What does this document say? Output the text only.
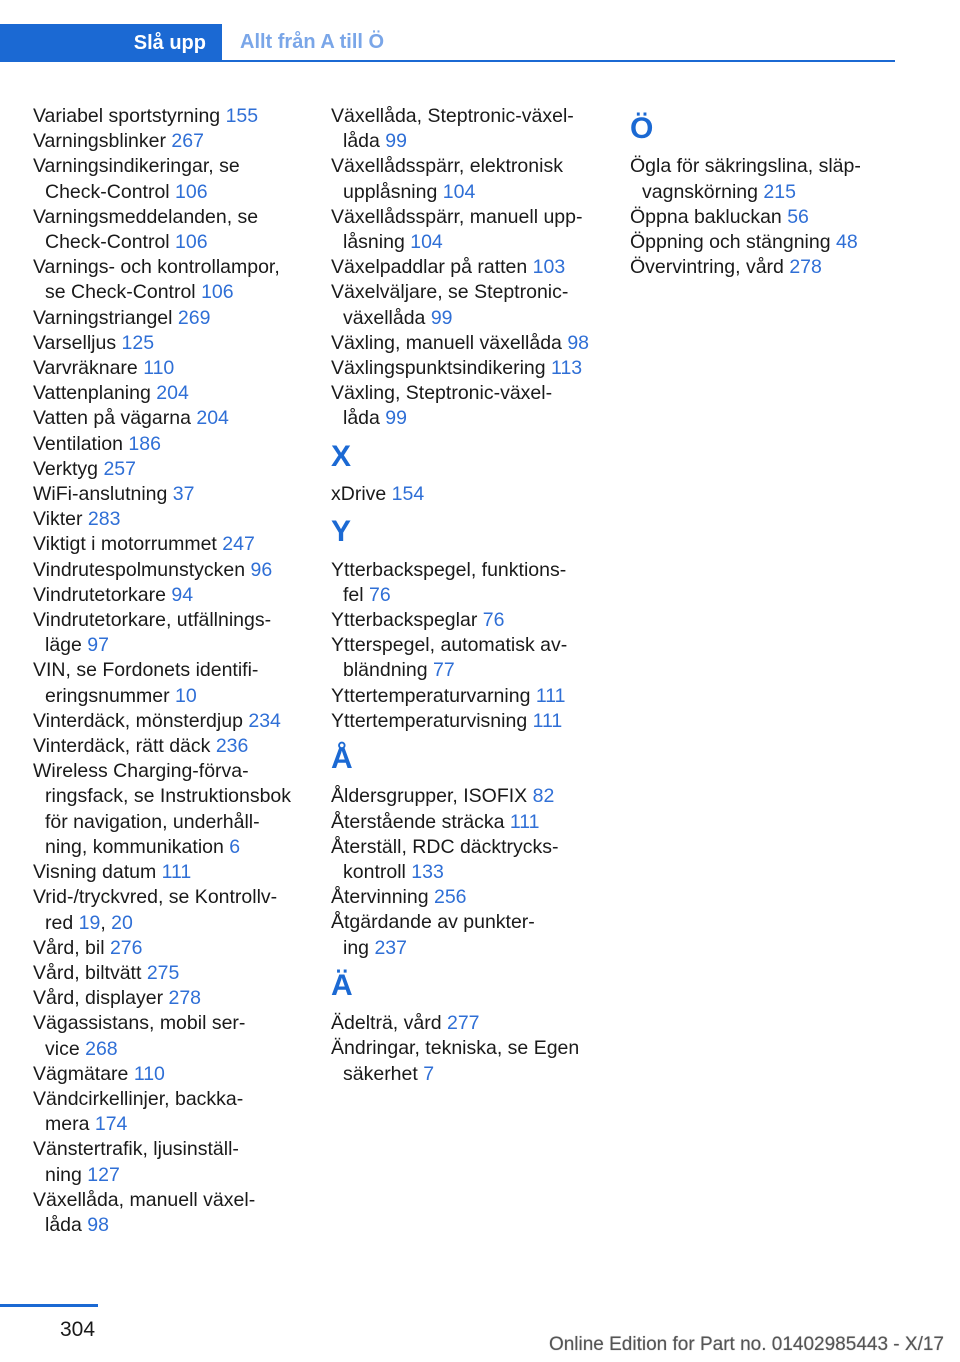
Slå upp	Allt från A till Ö
Variabel sportstyrning 155
Varningsblinker 267
Varningsindikeringar, se
Check-Control 106
Varningsmeddelanden, se
Check-Control 106
Varnings- och kontrollampor,
se Check-Control 106
Varningstriangel 269
Varselljus 125
Varvräknare 110
Vattenplaning 204
Vatten på vägarna 204
Ventilation 186
Verktyg 257
WiFi-anslutning 37
Vikter 283
Viktigt i motorrummet 247
Vindrutespolmunstycken 96
Vindrutetorkare 94
Vindrutetorkare, utfällnings-
läge 97
VIN, se Fordonets identifi-
eringsnummer 10
Vinterdäck, mönsterdjup 234
Vinterdäck, rätt däck 236
Wireless Charging-förva-
ringsfack, se Instruktionsbok
för navigation, underhåll-
ning, kommunikation 6
Visning datum 111
Vrid-/tryckvred, se Kontrollv-
red 19, 20
Vård, bil 276
Vård, biltvätt 275
Vård, displayer 278
Vägassistans, mobil ser-
vice 268
Vägmätare 110
Vändcirkellinjer, backka-
mera 174
Vänstertrafik, ljusinställ-
ning 127
Växellåda, manuell växel-
låda 98
Växellåda, Steptronic-växel-
låda 99
Växellådsspärr, elektronisk
upplåsning 104
Växellådsspärr, manuell upp-
låsning 104
Växelpaddlar på ratten 103
Växelväljare, se Steptronic-
växellåda 99
Växling, manuell växellåda 98
Växlingspunktsindikering 113
Växling, Steptronic-växel-
låda 99
X
xDrive 154
Y
Ytterbackspegel, funktions-
fel 76
Ytterbackspeglar 76
Ytterspegel, automatisk av-
bländning 77
Yttertemperaturvarning 111
Yttertemperaturvisning 111
Å
Åldersgrupper, ISOFIX 82
Återstående sträcka 111
Återställ, RDC däcktrycks-
kontroll 133
Återvinning 256
Åtgärdande av punkter-
ing 237
Ä
Ädelträ, vård 277
Ändringar, tekniska, se Egen
säkerhet 7
Ö
Ögla för säkringslina, släp-
vagnskörning 215
Öppna bakluckan 56
Öppning och stängning 48
Övervintring, vård 278
304
Online Edition for Part no. 01402985443 - X/17
